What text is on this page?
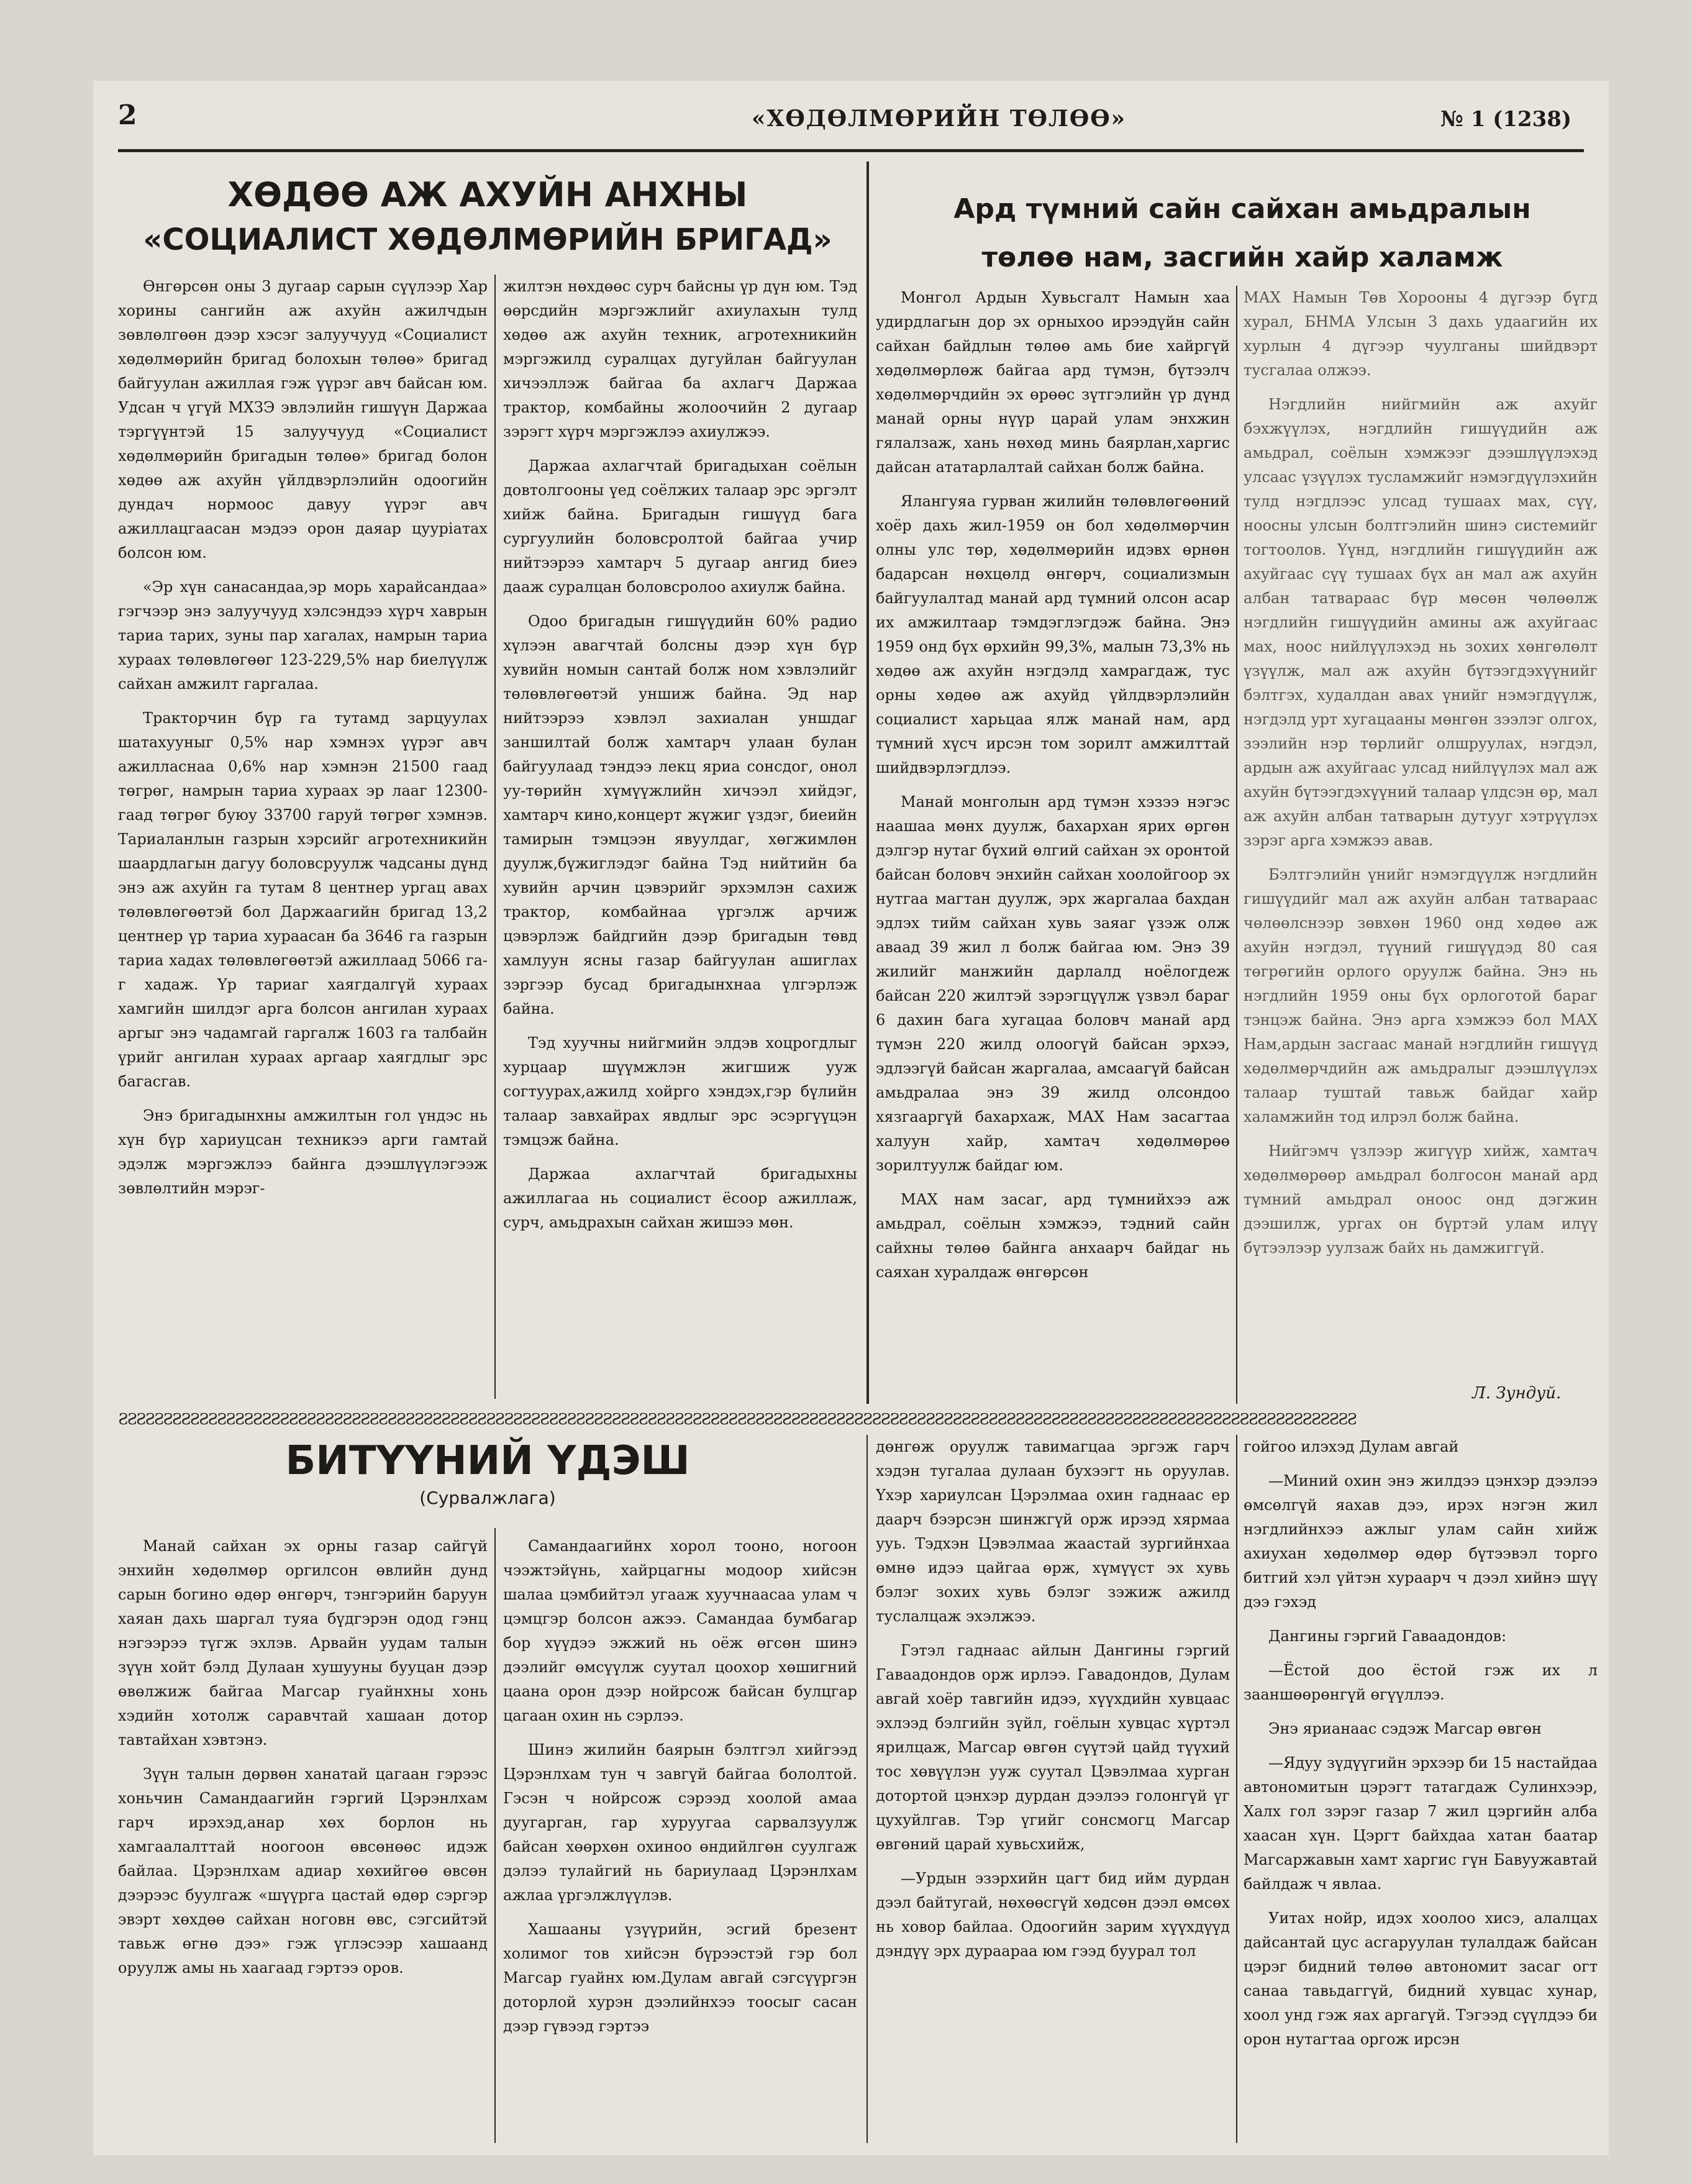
2	«ХӨДӨЛМӨРИЙН ТӨЛӨӨ»	№ 1 (1238)
ХӨДӨӨ АЖ АХУЙН АНХНЫ
«СОЦИАЛИСТ ХӨДӨЛМӨРИЙН БРИГАД»

Өнгөрсөн оны 3 дугаар сарын сүүлээр Хар хорины сангийн аж ахуйн ажилчдын зөвлөлгөөн дээр хэсэг залуучууд «Социалист хөдөлмөрийн бригад болохын төлөө» бригад байгуулан ажиллая гэж үүрэг авч байсан юм. Удсан ч үгүй МХЗЭ эвлэлийн гишүүн Даржаа тэргүүнтэй 15 залуучууд «Социалист хөдөлмөрийн бригадын төлөө» бригад болон хөдөө аж ахуйн үйлдвэрлэлийн одоогийн дундач нормоос давуу үүрэг авч ажиллацгаасан мэдээ орон даяар цуурiатах болсон юм.

«Эр хүн санасандаа,эр морь харайсандаа» гэгчээр энэ залуучууд хэлсэндээ хүрч хаврын тариа тарих, зуны пар хагалах, намрын тариа хураах төлөвлөгөөг 123-229,5% нар биелүүлж сайхан амжилт гаргалаа.

Тракторчин бүр га тутамд зарцуулах шатахууныг 0,5% нар хэмнэх үүрэг авч ажилласнаа 0,6% нар хэмнэн 21500 гаад төгрөг, намрын тариа хураах эр лааг 12300-гаад төгрөг буюу 33700 гаруй төгрөг хэмнэв. Тариаланлын газрын хэрсийг агротехникийн шаардлагын дагуу боловсруулж чадсаны дүнд энэ аж ахуйн га тутам 8 центнер ургац авах төлөвлөгөөтэй бол Даржаагийн бригад 13,2 центнер үр тариа хураасан ба 3646 га газрын тариа хадах төлөвлөгөөтэй ажиллаад 5066 га-г хадаж. Үр тариаг хаягдалгүй хураах хамгийн шилдэг арга болсон ангилан хураах аргыг энэ чадамгай гаргалж 1603 га талбайн үрийг ангилан хураах аргаар хаягдлыг эрс багасгав.

Энэ бригадынхны амжилтын гол үндэс нь хүн бүр хариуцсан техникээ арги гамтай эдэлж мэргэжлээ байнга дээшлүүлэгээж зөвлөлтийн мэрэг-

жилтэн нөхдөөс сурч байсны үр дүн юм. Тэд өөрсдийн мэргэжлийг ахиулахын тулд хөдөө аж ахуйн техник, агротехникийн мэргэжилд суралцах дугуйлан байгуулан хичээллэж байгаа ба ахлагч Даржаа трактор, комбайны жолоочийн 2 дугаар зэрэгт хүрч мэргэжлээ ахиулжээ.

Даржаа ахлагчтай бригадыхан соёлын довтолгооны үед соёлжих талаар эрс эргэлт хийж байна. Бригадын гишүүд бага сургуулийн боловсролтой байгаа учир нийтээрээ хамтарч 5 дугаар ангид биеэ дааж суралцан боловсролоо ахиулж байна.

Одоо бригадын гишүүдийн 60% радио хүлээн авагчтай болсны дээр хүн бүр хувийн номын сантай болж ном хэвлэлийг төлөвлөгөөтэй уншиж байна. Эд нар нийтээрээ хэвлэл захиалан уншдаг заншилтай болж хамтарч улаан булан байгуулаад тэндээ лекц яриа сонсдог, онол уу-төрийн хүмүүжлийн хичээл хийдэг, хамтарч кино,концерт жүжиг үздэг, биеийн тамирын тэмцээн явуулдаг, хөгжимлөн дуулж,бүжиглэдэг байна Тэд нийтийн ба хувийн арчин цэвэрийг эрхэмлэн сахиж трактор, комбайнаа үргэлж арчиж цэвэрлэж байдгийн дээр бригадын төвд хамлуун ясны газар байгуулан ашиглах зэргээр бусад бригадынхнаа үлгэрлэж байна.

Тэд хуучны нийгмийн элдэв хоцрогдлыг хурцаар шүүмжлэн жигшиж ууж согтуурах,ажилд хойрго хэндэх,гэр бүлийн талаар завхайрах явдлыг эрс эсэргүүцэн тэмцэж байна.

Даржаа ахлагчтай бригадыхны ажиллагаа нь социалист ёсоор ажиллаж, сурч, амьдрахын сайхан жишээ мөн.

Ард түмний сайн сайхан амьдралын
төлөө нам, засгийн хайр халамж

Монгол Ардын Хувьсгалт Намын хаа удирдлагын дор эх орныхоо ирээдүйн сайн сайхан байдлын төлөө амь бие хайргүй хөдөлмөрлөж байгаа ард түмэн, бүтээлч хөдөлмөрчдийн эх өрөөс зүтгэлийн үр дүнд манай орны нүүр царай улам энхжин гялалзаж, хань нөхөд минь баярлан,харгис дайсан ататарлалтай сайхан болж байна.

Ялангуяа гурван жилийн төлөвлөгөөний хоёр дахь жил-1959 он бол хөдөлмөрчин олны улс төр, хөдөлмөрийн идэвх өрнөн бадарсан нөхцөлд өнгөрч, социализмын байгуулалтад манай ард түмний олсон асар их амжилтаар тэмдэглэгдэж байна. Энэ 1959 онд бүх өрхийн 99,3%, малын 73,3% нь хөдөө аж ахуйн нэгдэлд хамрагдаж, тус орны хөдөө аж ахуйд үйлдвэрлэлийн социалист харьцаа ялж манай нам, ард түмний хүсч ирсэн том зорилт амжилттай шийдвэрлэгдлээ.

Манай монголын ард түмэн хэзээ нэгэс наашаа мөнх дуулж, бахархан ярих өргөн дэлгэр нутаг бүхий өлгий сайхан эх оронтой байсан боловч энхийн сайхан хоолойгоор эх нутгаа магтан дуулж, эрх жаргалаа бахдан эдлэх тийм сайхан хувь заяаг үзэж олж аваад 39 жил л болж байгаа юм. Энэ 39 жилийг манжийн дарлалд ноёлогдеж байсан 220 жилтэй зэрэгцүүлж үзвэл бараг 6 дахин бага хугацаа боловч манай ард түмэн 220 жилд олоогүй байсан эрхээ, эдлээгүй байсан жаргалаа, амсаагүй байсан амьдралаа энэ 39 жилд олсондоо хязгааргүй бахархаж, МАХ Нам засагтаа халуун хайр, хамтач хөдөлмөрөө зорилтуулж байдаг юм.

МАХ нам засаг, ард түмнийхээ аж амьдрал, соёлын хэмжээ, тэдний сайн сайхны төлөө байнга анхаарч байдаг нь саяхан хуралдаж өнгөрсөн

МАХ Намын Төв Хорооны 4 дүгээр бүгд хурал, БНМА Улсын 3 дахь удаагийн их хурлын 4 дүгээр чуулганы шийдвэрт тусгалаа олжээ.

Нэгдлийн нийгмийн аж ахуйг бэхжүүлэх, нэгдлийн гишүүдийн аж амьдрал, соёлын хэмжээг дээшлүүлэхэд улсаас үзүүлэх тусламжийг нэмэгдүүлэхийн тулд нэгдлээс улсад тушаах мах, сүү, ноосны улсын болтгэлийн шинэ системийг тогтоолов. Үүнд, нэгдлийн гишүүдийн аж ахуйгаас сүү тушаах бүх ан мал аж ахуйн албан татвараас бүр мөсөн чөлөөлж нэгдлийн гишүүдийн амины аж ахуйгаас мах, ноос нийлүүлэхэд нь зохих хөнгөлөлт үзүүлж, мал аж ахуйн бүтээгдэхүүнийг бэлтгэх, худалдан авах үнийг нэмэгдүүлж, нэгдэлд урт хугацааны мөнгөн зээлэг олгох, зээлийн нэр төрлийг олшруулах, нэгдэл, ардын аж ахуйгаас улсад нийлүүлэх мал аж ахуйн бүтээгдэхүүний талаар үлдсэн өр, мал аж ахуйн албан татварын дутууг хэтрүүлэх зэрэг арга хэмжээ авав.

Бэлтгэлийн үнийг нэмэгдүүлж нэгдлийн гишүүдийг мал аж ахуйн албан татвараас чөлөөлснээр зөвхөн 1960 онд хөдөө аж ахуйн нэгдэл, түүний гишүүдэд 80 сая төгрөгийн орлого оруулж байна. Энэ нь нэгдлийн 1959 оны бүх орлоготой бараг тэнцэж байна. Энэ арга хэмжээ бол МАХ Нам,ардын засгаас манай нэгдлийн гишүүд хөдөлмөрчдийн аж амьдралыг дээшлүүлэх талаар туштай тавьж байдаг хайр халамжийн тод илрэл болж байна.

Нийгэмч үзлээр жигүүр хийж, хамтач хөдөлмөрөөр амьдрал болгосон манай ард түмний амьдрал оноос онд дэгжин дээшилж, ургах он бүртэй улам илүү бүтээлээр уулзаж байх нь дамжиггүй.

Л. Зундуй.
ƧƧƧƧƧƧƧƧƧƧƧƧƧƧƧƧƧƧƧƧƧƧƧƧƧƧƧƧƧƧƧƧƧƧƧƧƧƧƧƧƧƧƧƧƧƧƧƧƧƧƧƧƧƧƧƧƧƧƧƧƧƧƧƧƧƧƧƧƧƧƧƧƧƧƧƧƧƧƧƧƧƧƧƧƧƧƧƧƧƧƧƧƧƧƧƧƧƧƧƧƧƧƧƧƧƧƧƧƧƧƧƧƧƧƧƧƧƧƧƧƧƧƧƧƧƧƧƧƧƧƧƧƧƧƧƧƧƧ
БИТҮҮНИЙ ҮДЭШ
(Сурвалжлага)

Манай сайхан эх орны газар сайгүй энхийн хөдөлмөр оргилсон өвлийн дунд сарын богино өдөр өнгөрч, тэнгэрийн баруун хаяан дахь шаргал туяа бүдгэрэн одод гэнц нэгээрээ түгж эхлэв. Арвайн уудам талын зүүн хойт бэлд Дулаан хушууны бууцан дээр өвөлжиж байгаа Магсар гуайнхны хонь хэдийн хотолж саравчтай хашаан дотор тавтайхан хэвтэнэ.

Зүүн талын дөрвөн ханатай цагаан гэрээс хоньчин Самандаагийн гэргий Цэрэнлхам гарч ирэхэд,анар хөх борлон нь хамгаалалттай ноогоон өвсөнөөс идэж байлаа. Цэрэнлхам адиар хөхийгөө өвсөн дээрээс буулгаж «шүүрга цастай өдөр сэргэр эвэрт хөхдөө сайхан ноговн өвс, сэгсийтэй тавьж өгнө дээ» гэж үглэсээр хашаанд оруулж амы нь хаагаад гэртээ оров.

Самандаагийнх хорол тооно, ногоон чээжтэйүнь, хайрцагны модоор хийсэн шалаа цэмбийтэл угааж хуучнаасаа улам ч цэмцгэр болсон ажээ. Самандаа бумбагар бор хүүдээ эжжий нь оёж өгсөн шинэ дээлийг өмсүүлж суутал цоохор хөшигний цаана орон дээр нойрсож байсан булцгар цагаан охин нь сэрлээ.

Шинэ жилийн баярын бэлтгэл хийгээд Цэрэнлхам тун ч завгүй байгаа бололтой. Гэсэн ч нойрсож сэрээд хоолой амаа дуугарган, гар хуруугаа сарвалзуулж байсан хөөрхөн охиноо өндийлгөн суулгаж дэлээ тулайгий нь бариулаад Цэрэнлхам ажлаа үргэлжлүүлэв.

Хашааны үзүүрийн, эсгий брезент холимог тов хийсэн бүрээстэй гэр бол Магсар гуайнх юм.Дулам авгай сэгсүүргэн доторлой хурэн дээлийнхээ тоосыг сасан дээр гүвээд гэртээ

дөнгөж оруулж тавимагцаа эргэж гарч хэдэн тугалаа дулаан бухээгт нь оруулав. Үхэр хариулсан Цэрэлмаа охин гаднаас ер даарч бээрсэн шинжгүй орж ирээд хярмаа ууь. Тэдхэн Цэвэлмаа жаастай зургийнхаа өмнө идээ цайгаа өрж, хүмүүст эх хувь бэлэг зохих хувь бэлэг зэжиж ажилд туслалцаж эхэлжээ.

Гэтэл гаднаас айлын Дангины гэргий Гаваадондов орж ирлээ. Гавадондов, Дулам авгай хоёр тавгийн идээ, хүүхдийн хувцаас эхлээд бэлгийн зүйл, гоёлын хувцас хүртэл ярилцаж, Магсар өвгөн сүүтэй цайд түүхий тос хөвүүлэн ууж суутал Цэвэлмаа хурган дотортой цэнхэр дурдан дээлээ голонгүй үг цухуйлгав. Тэр үгийг сонсмогц Магсар өвгөний царай хувьсхийж,

—Урдын эзэрхийн цагт бид ийм дурдан дээл байтугай, нөхөөсгүй хөдсөн дээл өмсөх нь ховор байлаа. Одоогийн зарим хүүхдүүд дэндүү эрх дураараа юм гээд буурал тол

гойгоо илэхэд Дулам авгай

—Миний охин энэ жилдээ цэнхэр дээлээ өмсөлгүй яахав дээ, ирэх нэгэн жил нэгдлийнхээ ажлыг улам сайн хийж ахиухан хөдөлмөр өдөр бүтээвэл торго битгий хэл үйтэн хураарч ч дээл хийнэ шүү дээ гэхэд

Дангины гэргий Гаваадондов:

—Ёстой доо ёстой гэж их л зааншөөрөнгүй өгүүллээ.

Энэ ярианаас сэдэж Магсар өвгөн

—Ядуу зүдүүгийн эрхээр би 15 настайдаа автономитын цэрэгт татагдаж Сулинхээр, Халх гол зэрэг газар 7 жил цэргийн алба хаасан хүн. Цэргт байхдаа хатан баатар Магсаржавын хамт харгис гүн Бавуужавтай байлдаж ч явлаа.

Уитах нойр, идэх хоолоо хисэ, алалцах дайсантай цус асгаруулан тулалдаж байсан цэрэг бидний төлөө автономит засаг огт санаа тавьдаггүй, бидний хувцас хунар, хоол унд гэж яах аргагүй. Тэгээд сүүлдээ би орон нутагтаа оргож ирсэн
